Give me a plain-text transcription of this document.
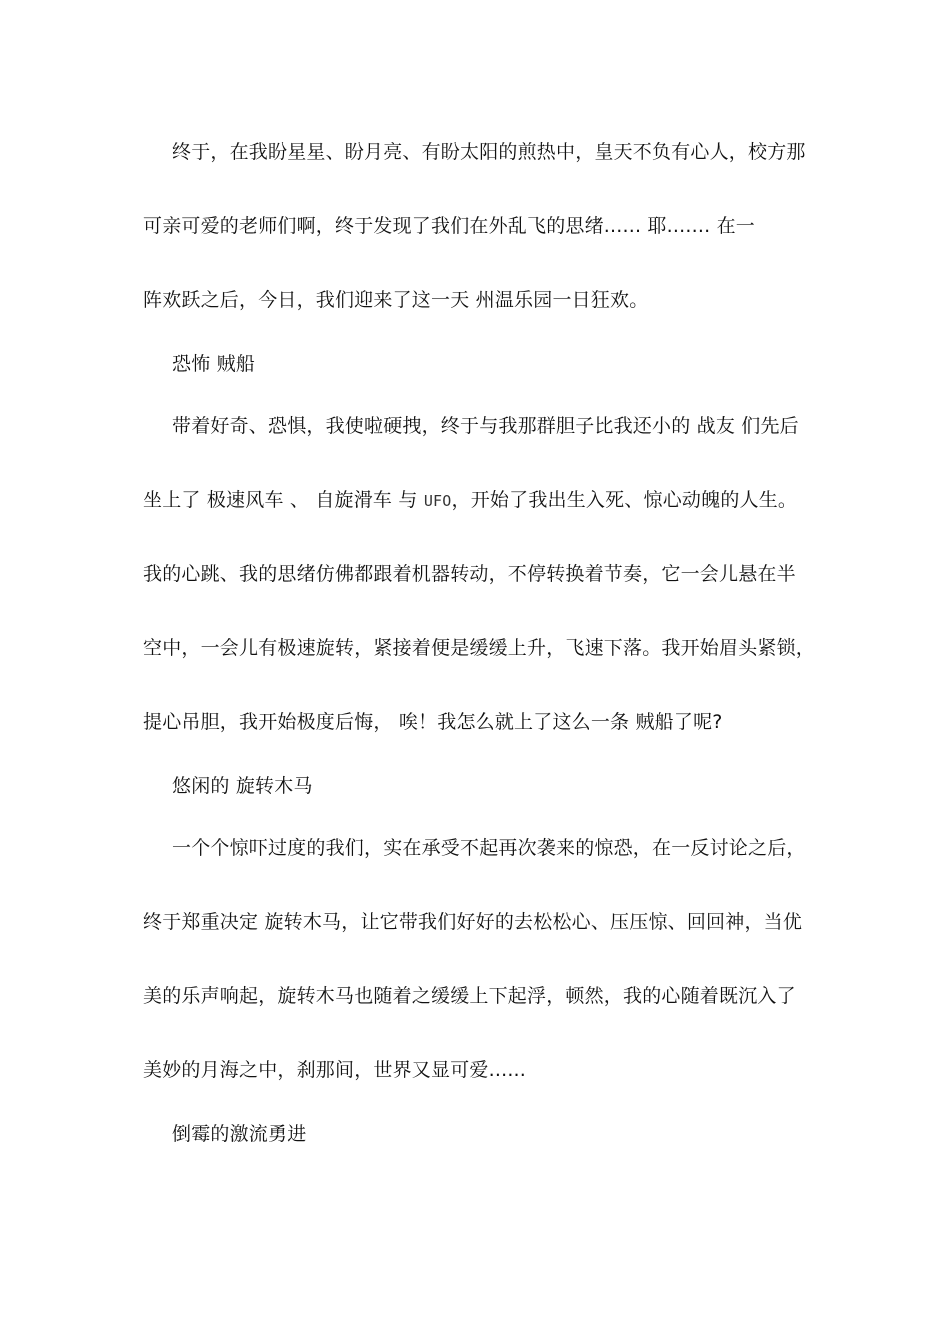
终于，在我盼星星、盼月亮、有盼太阳的煎热中，皇天不负有心人，校方那
可亲可爱的老师们啊，终于发现了我们在外乱飞的思绪...... 耶....... 在一
阵欢跃之后，今日，我们迎来了这一天 州温乐园一日狂欢。
恐怖 贼船
带着好奇、恐惧，我使啦硬拽，终于与我那群胆子比我还小的 战友 们先后
坐上了 极速风车 、 自旋滑车 与 UFO，开始了我出生入死、惊心动魄的人生。
我的心跳、我的思绪仿佛都跟着机器转动，不停转换着节奏，它一会儿悬在半
空中，一会儿有极速旋转，紧接着便是缓缓上升，飞速下落。我开始眉头紧锁，
提心吊胆，我开始极度后悔， 唉！我怎么就上了这么一条 贼船了呢?
悠闲的 旋转木马
一个个惊吓过度的我们，实在承受不起再次袭来的惊恐，在一反讨论之后，
终于郑重决定 旋转木马，让它带我们好好的去松松心、压压惊、回回神，当优
美的乐声响起，旋转木马也随着之缓缓上下起浮，顿然，我的心随着既沉入了
美妙的月海之中，刹那间，世界又显可爱......
倒霉的激流勇进
